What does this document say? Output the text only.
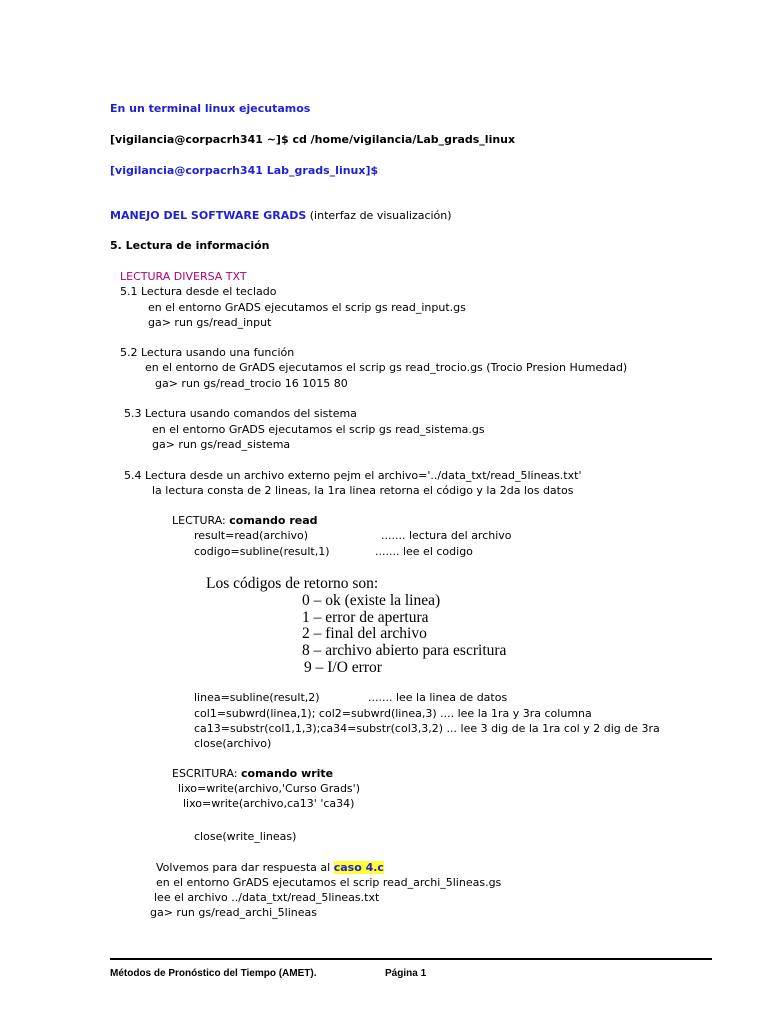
En un terminal linux ejecutamos
[vigilancia@corpacrh341 ~]$ cd /home/vigilancia/Lab_grads_linux
[vigilancia@corpacrh341 Lab_grads_linux]$
MANEJO DEL SOFTWARE GRADS (interfaz de visualización)
5. Lectura de información
LECTURA DIVERSA TXT
5.1 Lectura desde el teclado
en el entorno GrADS ejecutamos el scrip gs read_input.gs
ga> run gs/read_input
5.2 Lectura usando una función
en el entorno de GrADS ejecutamos el scrip gs read_trocio.gs (Trocio Presion Humedad)
ga> run gs/read_trocio 16 1015 80
5.3 Lectura usando comandos del sistema
en el entorno GrADS ejecutamos el scrip gs read_sistema.gs
ga> run gs/read_sistema
5.4 Lectura desde un archivo externo pejm el archivo='../data_txt/read_5lineas.txt'
la lectura consta de 2 lineas, la 1ra linea retorna el código y la 2da los datos
LECTURA: comando read
result=read(archivo)	....... lectura del archivo
codigo=subline(result,1)	....... lee el codigo
Los códigos de retorno son:
0 – ok (existe la linea)
1 – error de apertura
2 – final del archivo
8 – archivo abierto para escritura
9 – I/O error
linea=subline(result,2)	....... lee la linea de datos
col1=subwrd(linea,1); col2=subwrd(linea,3) .... lee la 1ra y 3ra columna
ca13=substr(col1,1,3);ca34=substr(col3,3,2) ... lee 3 dig de la 1ra col y 2 dig de 3ra
close(archivo)
ESCRITURA: comando write
lixo=write(archivo,'Curso Grads')
lixo=write(archivo,ca13' 'ca34)
close(write_lineas)
Volvemos para dar respuesta al caso 4.c
en el entorno GrADS ejecutamos el scrip read_archi_5lineas.gs
lee el archivo ../data_txt/read_5lineas.txt
ga> run gs/read_archi_5lineas
Métodos de Pronóstico del Tiempo (AMET).	Página 1
